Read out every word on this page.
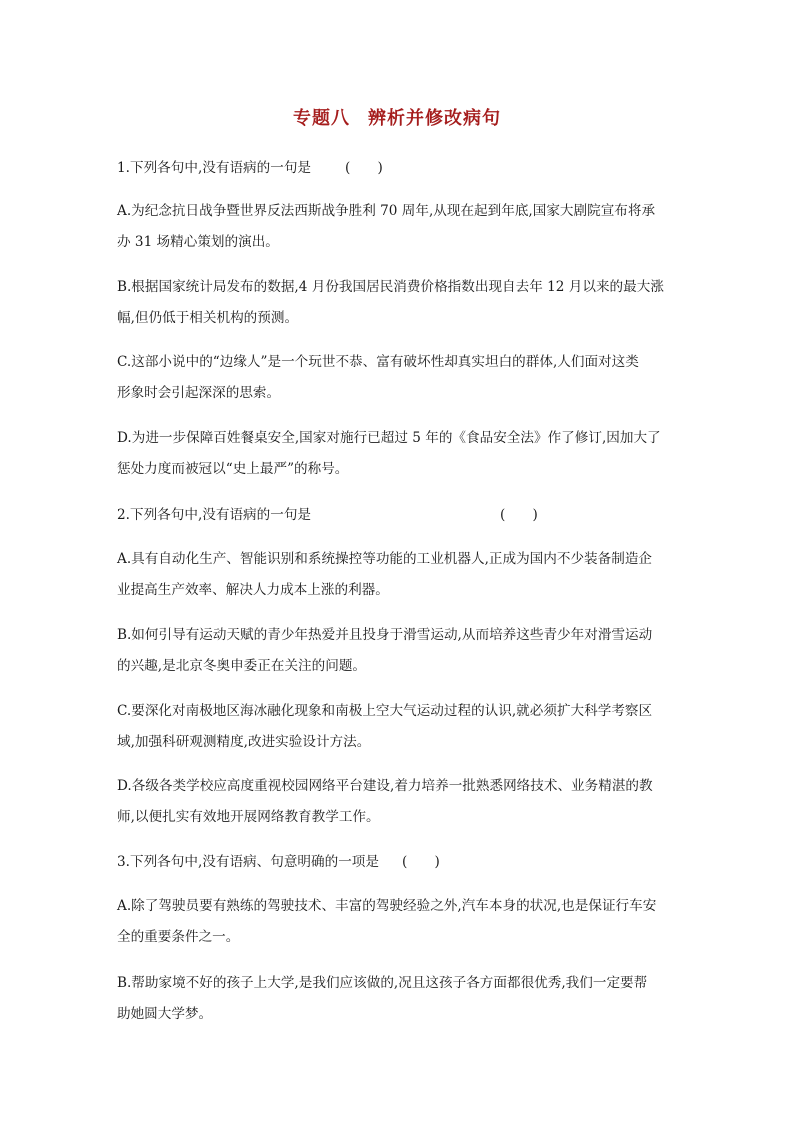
专题八 辨析并修改病句
1.下列各句中,没有语病的一句是	(　　)
A.为纪念抗日战争暨世界反法西斯战争胜利 70 周年,从现在起到年底,国家大剧院宣布将承
办 31 场精心策划的演出。
B.根据国家统计局发布的数据,4 月份我国居民消费价格指数出现自去年 12 月以来的最大涨
幅,但仍低于相关机构的预测。
C.这部小说中的“边缘人”是一个玩世不恭、富有破坏性却真实坦白的群体,人们面对这类
形象时会引起深深的思索。
D.为进一步保障百姓餐桌安全,国家对施行已超过 5 年的《食品安全法》作了修订,因加大了
惩处力度而被冠以“史上最严”的称号。
2.下列各句中,没有语病的一句是	(　　)
A.具有自动化生产、智能识别和系统操控等功能的工业机器人,正成为国内不少装备制造企
业提高生产效率、解决人力成本上涨的利器。
B.如何引导有运动天赋的青少年热爱并且投身于滑雪运动,从而培养这些青少年对滑雪运动
的兴趣,是北京冬奥申委正在关注的问题。
C.要深化对南极地区海冰融化现象和南极上空大气运动过程的认识,就必须扩大科学考察区
域,加强科研观测精度,改进实验设计方法。
D.各级各类学校应高度重视校园网络平台建设,着力培养一批熟悉网络技术、业务精湛的教
师,以便扎实有效地开展网络教育教学工作。
3.下列各句中,没有语病、句意明确的一项是	(　　)
A.除了驾驶员要有熟练的驾驶技术、丰富的驾驶经验之外,汽车本身的状况,也是保证行车安
全的重要条件之一。
B.帮助家境不好的孩子上大学,是我们应该做的,况且这孩子各方面都很优秀,我们一定要帮
助她圆大学梦。
